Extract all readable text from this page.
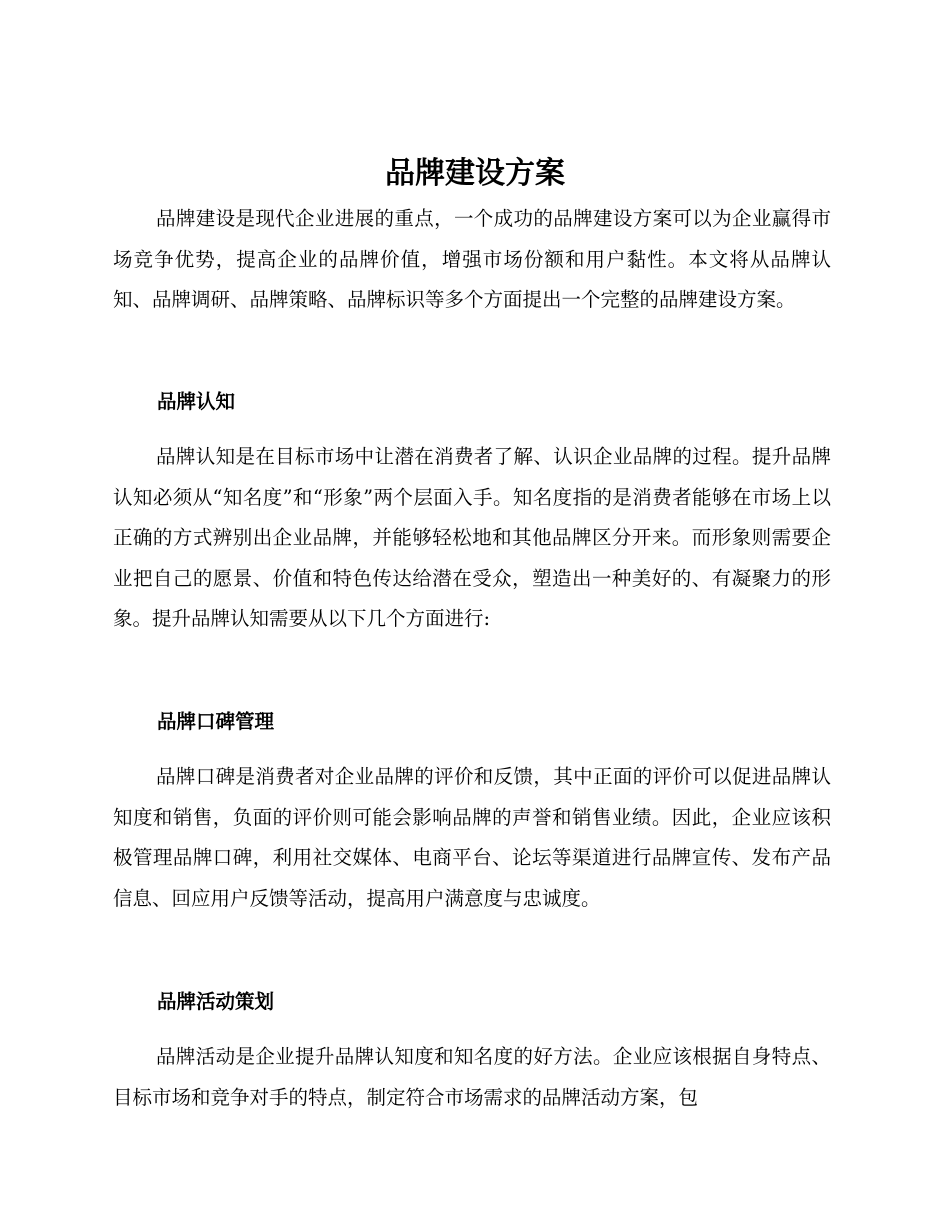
品牌建设方案

品牌建设是现代企业进展的重点，一个成功的品牌建设方案可以为企业赢得市场竞争优势，提高企业的品牌价值，增强市场份额和用户黏性。本文将从品牌认知、品牌调研、品牌策略、品牌标识等多个方面提出一个完整的品牌建设方案。

品牌认知

品牌认知是在目标市场中让潜在消费者了解、认识企业品牌的过程。提升品牌认知必须从“知名度”和“形象”两个层面入手。知名度指的是消费者能够在市场上以正确的方式辨别出企业品牌，并能够轻松地和其他品牌区分开来。而形象则需要企业把自己的愿景、价值和特色传达给潜在受众，塑造出一种美好的、有凝聚力的形象。提升品牌认知需要从以下几个方面进行:

品牌口碑管理

品牌口碑是消费者对企业品牌的评价和反馈，其中正面的评价可以促进品牌认知度和销售，负面的评价则可能会影响品牌的声誉和销售业绩。因此，企业应该积极管理品牌口碑，利用社交媒体、电商平台、论坛等渠道进行品牌宣传、发布产品信息、回应用户反馈等活动，提高用户满意度与忠诚度。

品牌活动策划

品牌活动是企业提升品牌认知度和知名度的好方法。企业应该根据自身特点、目标市场和竞争对手的特点，制定符合市场需求的品牌活动方案，包
